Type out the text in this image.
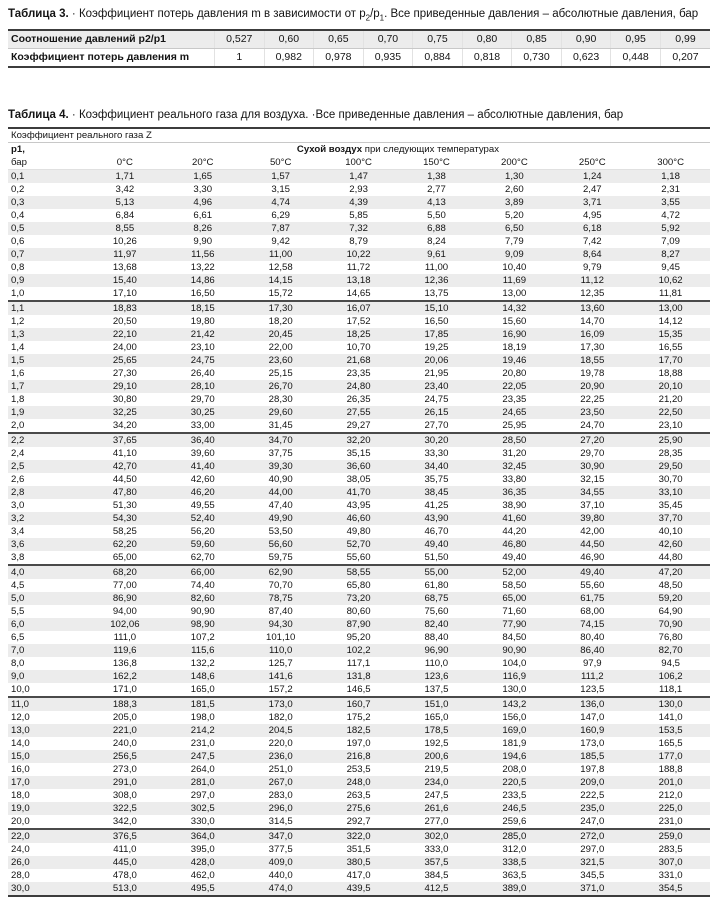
Таблица 3. · Коэффициент потерь давления m в зависимости от $p_2/p_1$. Все приведенные давления – абсолютные давления, бар

Соотношение давлений p2/p1	0,527	0,60	0,65	0,70	0,75	0,80	0,85	0,90	0,95	0,99
Коэффициент потерь давления m	1	0,982	0,978	0,935	0,884	0,818	0,730	0,623	0,448	0,207

Таблица 4. · Коэффициент реального газа для воздуха. ·Все приведенные давления – абсолютные давления, бар

Коэффициент реального газа Z								
p1,	Сухой воздух при следующих температурах							
бар	0°C	20°C	50°C	100°C	150°C	200°C	250°C	300°C
0,1	1,71	1,65	1,57	1,47	1,38	1,30	1,24	1,18
0,2	3,42	3,30	3,15	2,93	2,77	2,60	2,47	2,31
0,3	5,13	4,96	4,74	4,39	4,13	3,89	3,71	3,55
0,4	6,84	6,61	6,29	5,85	5,50	5,20	4,95	4,72
0,5	8,55	8,26	7,87	7,32	6,88	6,50	6,18	5,92
0,6	10,26	9,90	9,42	8,79	8,24	7,79	7,42	7,09
0,7	11,97	11,56	11,00	10,22	9,61	9,09	8,64	8,27
0,8	13,68	13,22	12,58	11,72	11,00	10,40	9,79	9,45
0,9	15,40	14,86	14,15	13,18	12,36	11,69	11,12	10,62
1,0	17,10	16,50	15,72	14,65	13,75	13,00	12,35	11,81
1,1	18,83	18,15	17,30	16,07	15,10	14,32	13,60	13,00
1,2	20,50	19,80	18,20	17,52	16,50	15,60	14,70	14,12
1,3	22,10	21,42	20,45	18,25	17,85	16,90	16,09	15,35
1,4	24,00	23,10	22,00	10,70	19,25	18,19	17,30	16,55
1,5	25,65	24,75	23,60	21,68	20,06	19,46	18,55	17,70
1,6	27,30	26,40	25,15	23,35	21,95	20,80	19,78	18,88
1,7	29,10	28,10	26,70	24,80	23,40	22,05	20,90	20,10
1,8	30,80	29,70	28,30	26,35	24,75	23,35	22,25	21,20
1,9	32,25	30,25	29,60	27,55	26,15	24,65	23,50	22,50
2,0	34,20	33,00	31,45	29,27	27,70	25,95	24,70	23,10
2,2	37,65	36,40	34,70	32,20	30,20	28,50	27,20	25,90
2,4	41,10	39,60	37,75	35,15	33,30	31,20	29,70	28,35
2,5	42,70	41,40	39,30	36,60	34,40	32,45	30,90	29,50
2,6	44,50	42,60	40,90	38,05	35,75	33,80	32,15	30,70
2,8	47,80	46,20	44,00	41,70	38,45	36,35	34,55	33,10
3,0	51,30	49,55	47,40	43,95	41,25	38,90	37,10	35,45
3,2	54,30	52,40	49,90	46,60	43,90	41,60	39,80	37,70
3,4	58,25	56,20	53,50	49,80	46,70	44,20	42,00	40,10
3,6	62,20	59,60	56,60	52,70	49,40	46,80	44,50	42,60
3,8	65,00	62,70	59,75	55,60	51,50	49,40	46,90	44,80
4,0	68,20	66,00	62,90	58,55	55,00	52,00	49,40	47,20
4,5	77,00	74,40	70,70	65,80	61,80	58,50	55,60	48,50
5,0	86,90	82,60	78,75	73,20	68,75	65,00	61,75	59,20
5,5	94,00	90,90	87,40	80,60	75,60	71,60	68,00	64,90
6,0	102,06	98,90	94,30	87,90	82,40	77,90	74,15	70,90
6,5	111,0	107,2	101,10	95,20	88,40	84,50	80,40	76,80
7,0	119,6	115,6	110,0	102,2	96,90	90,90	86,40	82,70
8,0	136,8	132,2	125,7	117,1	110,0	104,0	97,9	94,5
9,0	162,2	148,6	141,6	131,8	123,6	116,9	111,2	106,2
10,0	171,0	165,0	157,2	146,5	137,5	130,0	123,5	118,1
11,0	188,3	181,5	173,0	160,7	151,0	143,2	136,0	130,0
12,0	205,0	198,0	182,0	175,2	165,0	156,0	147,0	141,0
13,0	221,0	214,2	204,5	182,5	178,5	169,0	160,9	153,5
14,0	240,0	231,0	220,0	197,0	192,5	181,9	173,0	165,5
15,0	256,5	247,5	236,0	216,8	200,6	194,6	185,5	177,0
16,0	273,0	264,0	251,0	253,5	219,5	208,0	197,8	188,8
17,0	291,0	281,0	267,0	248,0	234,0	220,5	209,0	201,0
18,0	308,0	297,0	283,0	263,5	247,5	233,5	222,5	212,0
19,0	322,5	302,5	296,0	275,6	261,6	246,5	235,0	225,0
20,0	342,0	330,0	314,5	292,7	277,0	259,6	247,0	231,0
22,0	376,5	364,0	347,0	322,0	302,0	285,0	272,0	259,0
24,0	411,0	395,0	377,5	351,5	333,0	312,0	297,0	283,5
26,0	445,0	428,0	409,0	380,5	357,5	338,5	321,5	307,0
28,0	478,0	462,0	440,0	417,0	384,5	363,5	345,5	331,0
30,0	513,0	495,5	474,0	439,5	412,5	389,0	371,0	354,5
